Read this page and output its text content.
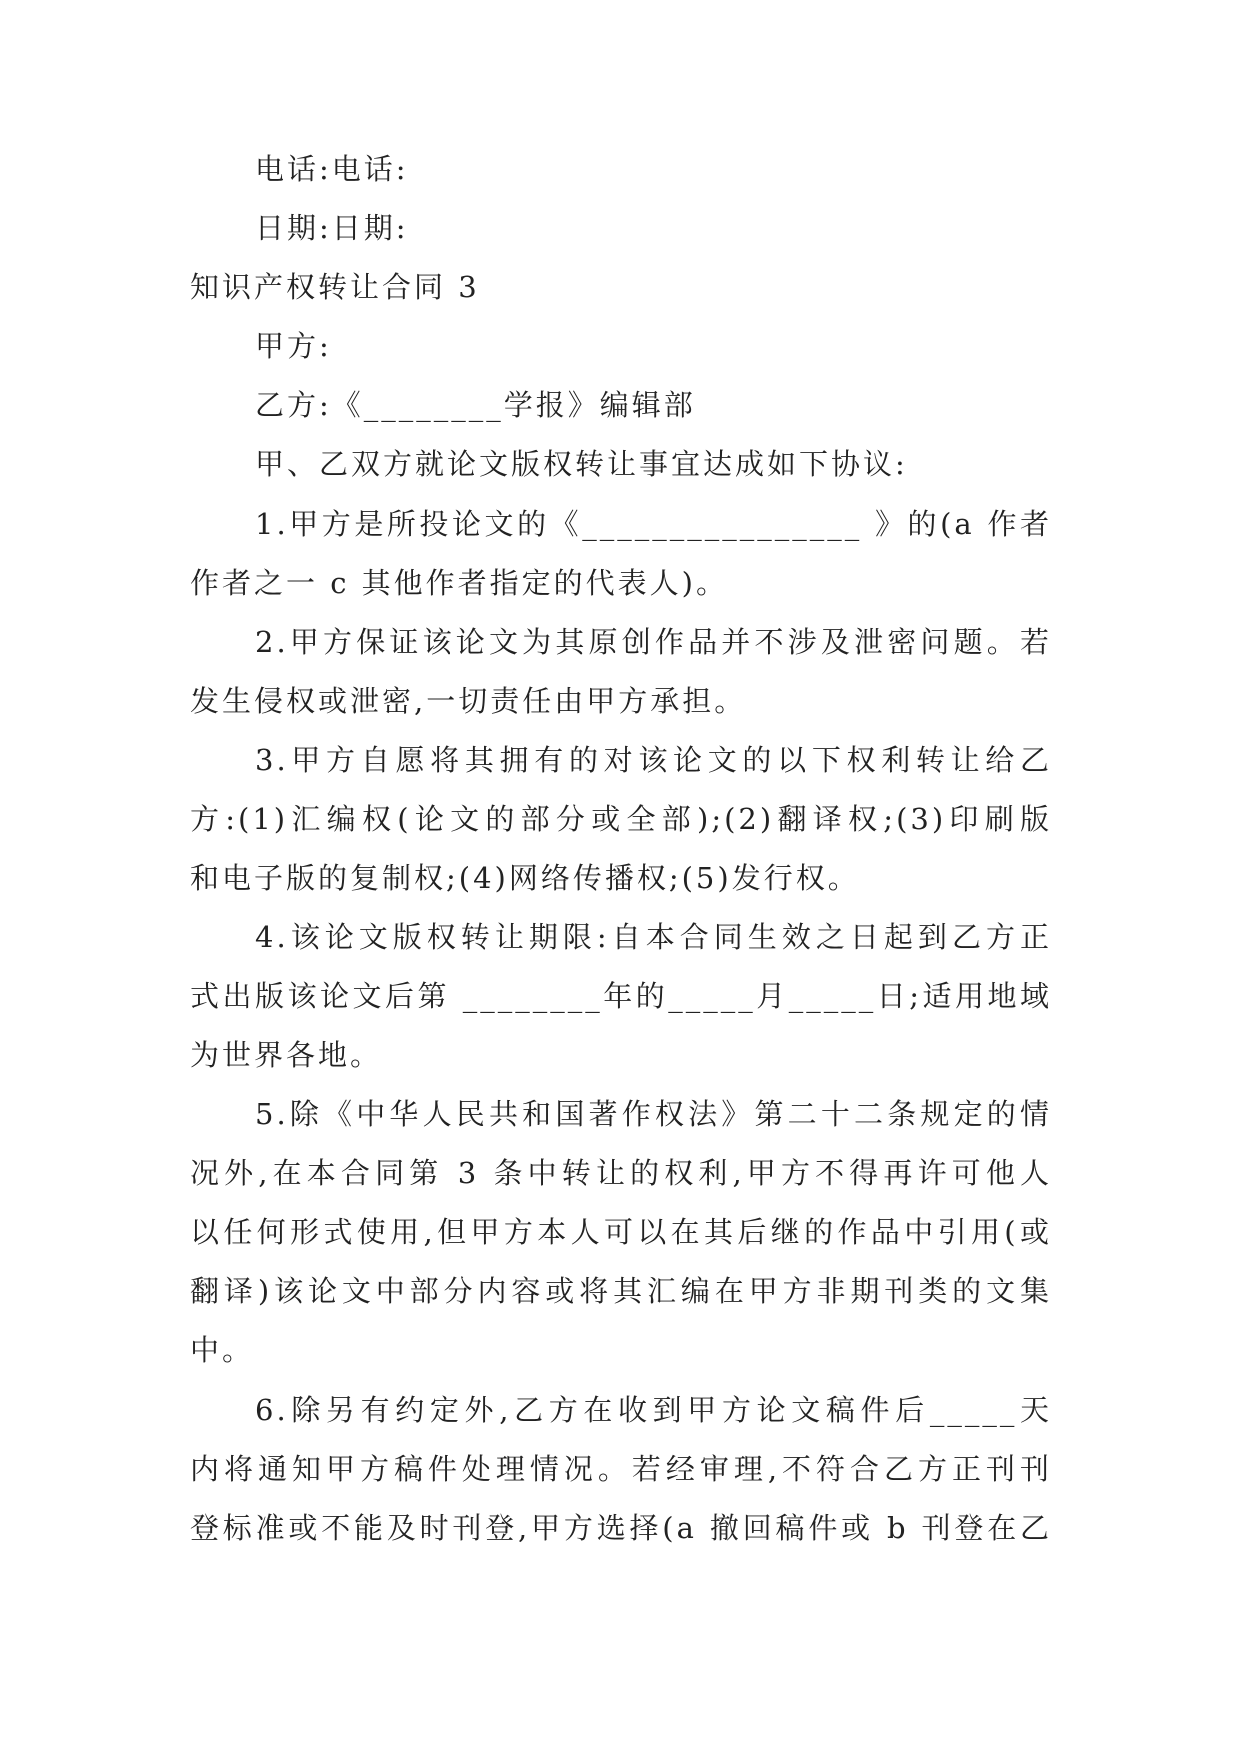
电话:电话:
日期:日期:
知识产权转让合同 3
甲方:
乙方:《________学报》编辑部
甲、乙双方就论文版权转让事宜达成如下协议:
1.甲方是所投论文的《________________ 》的(a 作者
作者之一 c 其他作者指定的代表人)。
2.甲方保证该论文为其原创作品并不涉及泄密问题。若
发生侵权或泄密,一切责任由甲方承担。
3.甲方自愿将其拥有的对该论文的以下权利转让给乙
方:(1)汇编权(论文的部分或全部);(2)翻译权;(3)印刷版
和电子版的复制权;(4)网络传播权;(5)发行权。
4.该论文版权转让期限:自本合同生效之日起到乙方正
式出版该论文后第 ________年的_____月_____日;适用地域
为世界各地。
5.除《中华人民共和国著作权法》第二十二条规定的情
况外,在本合同第 3 条中转让的权利,甲方不得再许可他人
以任何形式使用,但甲方本人可以在其后继的作品中引用(或
翻译)该论文中部分内容或将其汇编在甲方非期刊类的文集
中。
6.除另有约定外,乙方在收到甲方论文稿件后_____天
内将通知甲方稿件处理情况。若经审理,不符合乙方正刊刊
登标准或不能及时刊登,甲方选择(a 撤回稿件或 b 刊登在乙
